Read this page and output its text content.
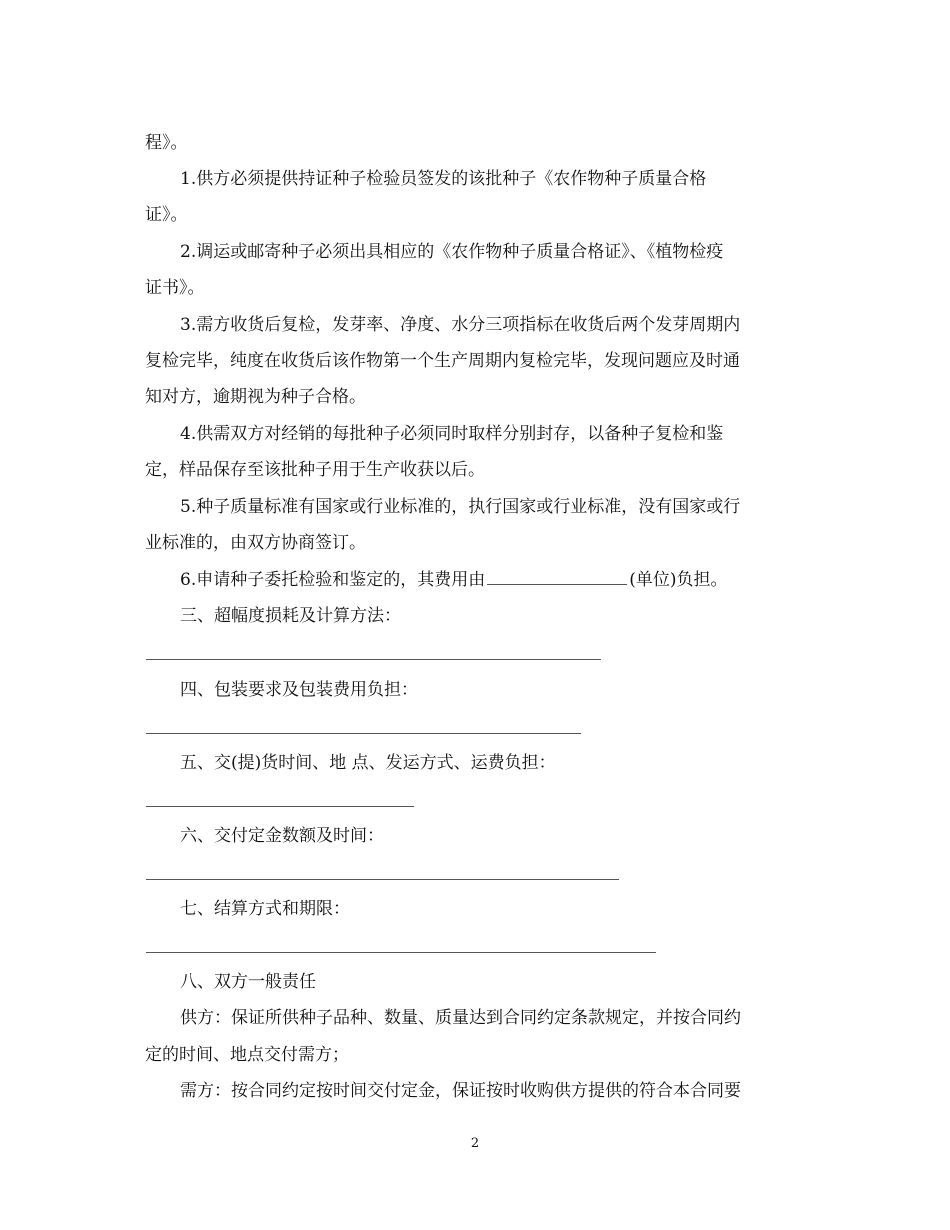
程》。
1.供方必须提供持证种子检验员签发的该批种子《农作物种子质量合格
证》。
2.调运或邮寄种子必须出具相应的《农作物种子质量合格证》、《植物检疫
证书》。
3.需方收货后复检，发芽率、净度、水分三项指标在收货后两个发芽周期内
复检完毕，纯度在收货后该作物第一个生产周期内复检完毕，发现问题应及时通
知对方，逾期视为种子合格。
4.供需双方对经销的每批种子必须同时取样分别封存，以备种子复检和鉴
定，样品保存至该批种子用于生产收获以后。
5.种子质量标准有国家或行业标准的，执行国家或行业标准，没有国家或行
业标准的，由双方协商签订。
6.申请种子委托检验和鉴定的，其费用由	(单位)负担。
三、超幅度损耗及计算方法：
四、包装要求及包装费用负担：
五、交(提)货时间、地 点、发运方式、运费负担：
六、交付定金数额及时间：
七、结算方式和期限：
八、双方一般责任
供方：保证所供种子品种、数量、质量达到合同约定条款规定，并按合同约
定的时间、地点交付需方；
需方：按合同约定按时间交付定金，保证按时收购供方提供的符合本合同要
2
